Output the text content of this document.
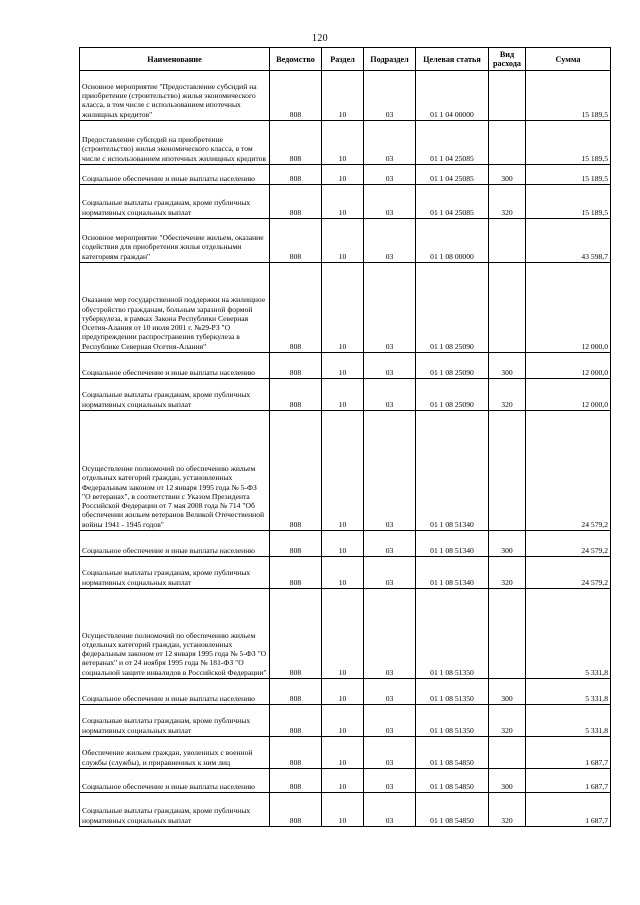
120
Наименование	Ведомство	Раздел	Подраздел	Целевая статья	Вид расхода	Сумма
Основное мероприятие "Предоставление субсидий на приобретение (строительство) жилья экономического класса, в том числе с использованием ипотечных жилищных кредитов"	808	10	03	01 1 04 00000		15 189,5
Предоставление субсидий на приобретение (строительство) жилья экономического класса, в том числе с использованием ипотечных жилищных кредитов	808	10	03	01 1 04 25085		15 189,5
Социальное обеспечение и иные выплаты населению	808	10	03	01 1 04 25085	300	15 189,5
Социальные выплаты гражданам, кроме публичных нормативных социальных выплат	808	10	03	01 1 04 25085	320	15 189,5
Основное мероприятие "Обеспечение жильем, оказание содействия для приобретения жилья отдельными категориям граждан"	808	10	03	01 1 08 00000		43 598,7
Оказание мер государственной поддержки на жилищное обустройство гражданам, больным заразной формой туберкулеза, в рамках Закона Республики Северная Осетия-Алания от 10 июля 2001 г. №29-РЗ "О предупреждении распространения туберкулеза в Республике Северная Осетия-Алания"	808	10	03	01 1 08 25090		12 000,0
Социальное обеспечение и иные выплаты населению	808	10	03	01 1 08 25090	300	12 000,0
Социальные выплаты гражданам, кроме публичных нормативных социальных выплат	808	10	03	01 1 08 25090	320	12 000,0
Осуществление полномочий по обеспечению жильем отдельных категорий граждан, установленных Федеральным законом от 12 января 1995 года № 5-ФЗ "О ветеранах", в соответствии с Указом Президента Российской Федерации от 7 мая 2008 года № 714 "Об обеспечении жильем ветеранов Великой Отечественной войны 1941 - 1945 годов"	808	10	03	01 1 08 51340		24 579,2
Социальное обеспечение и иные выплаты населению	808	10	03	01 1 08 51340	300	24 579,2
Социальные выплаты гражданам, кроме публичных нормативных социальных выплат	808	10	03	01 1 08 51340	320	24 579,2
Осуществление полномочий по обеспечению жильем отдельных категорий граждан, установленных федеральным законом от 12 января 1995 года № 5-ФЗ "О ветеранах" и от 24 ноября 1995 года № 181-ФЗ "О социальной защите инвалидов в Российской Федерации"	808	10	03	01 1 08 51350		5 331,8
Социальное обеспечение и иные выплаты населению	808	10	03	01 1 08 51350	300	5 331,8
Социальные выплаты гражданам, кроме публичных нормативных социальных выплат	808	10	03	01 1 08 51350	320	5 331,8
Обеспечение жильем граждан, уволенных с военной службы (службы), и приравненных к ним лиц	808	10	03	01 1 08 54850		1 687,7
Социальное обеспечение и иные выплаты населению	808	10	03	01 1 08 54850	300	1 687,7
Социальные выплаты гражданам, кроме публичных нормативных социальных выплат	808	10	03	01 1 08 54850	320	1 687,7
